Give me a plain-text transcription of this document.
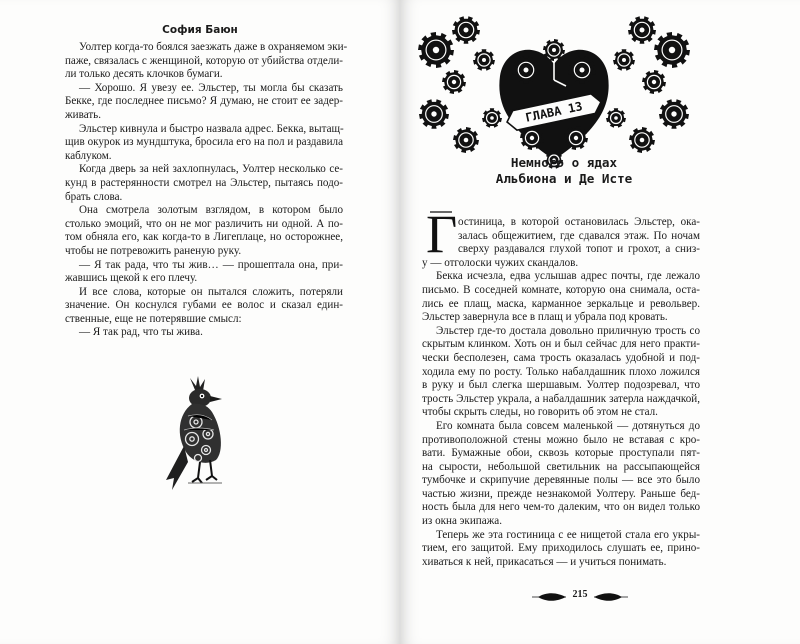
София Баюн
Уолтер когда-то боялся заезжать даже в охраняемом эки-
паже, связалась с женщиной, которую от убийства отдели-
ли только десять клочков бумаги.
— Хорошо. Я увезу ее. Эльстер, ты могла бы сказать
Бекке, где последнее письмо? Я думаю, не стоит ее задер-
живать.
Эльстер кивнула и быстро назвала адрес. Бекка, вытащ-
щив окурок из мундштука, бросила его на пол и раздавила
каблуком.
Когда дверь за ней захлопнулась, Уолтер несколько се-
кунд в растерянности смотрел на Эльстер, пытаясь подо-
брать слова.
Она смотрела золотым взглядом, в котором было
столько эмоций, что он не мог различить ни одной. А по-
том обняла его, как когда-то в Лигеплаце, но осторожнее,
чтобы не потревожить раненую руку.
— Я так рада, что ты жив… — прошептала она, при-
жавшись щекой к его плечу.
И все слова, которые он пытался сложить, потеряли
значение. Он коснулся губами ее волос и сказал един-
ственные, еще не потерявшие смысл:
— Я так рад, что ты жива.
ГЛАВА 13
Немного о ядах
Альбиона и Де Исте
Г остиница, в которой остановилась Эльстер, ока-
залась общежитием, где сдавался этаж. По ночам
сверху раздавался глухой топот и грохот, а сниз-
у — отголоски чужих скандалов.
Бекка исчезла, едва услышав адрес почты, где лежало
письмо. В соседней комнате, которую она снимала, оста-
лись ее плащ, маска, карманное зеркальце и револьвер.
Эльстер завернула все в плащ и убрала под кровать.
Эльстер где-то достала довольно приличную трость со
скрытым клинком. Хоть он и был сейчас для него практи-
чески бесполезен, сама трость оказалась удобной и под-
ходила ему по росту. Только набалдашник плохо ложился
в руку и был слегка шершавым. Уолтер подозревал, что
трость Эльстер украла, а набалдашник затерла наждачкой,
чтобы скрыть следы, но говорить об этом не стал.
Его комната была совсем маленькой — дотянуться до
противоположной стены можно было не вставая с кро-
вати. Бумажные обои, сквозь которые проступали пят-
на сырости, небольшой светильник на рассыпающейся
тумбочке и скрипучие деревянные полы — все это было
частью жизни, прежде незнакомой Уолтеру. Раньше бед-
ность была для него чем-то далеким, что он видел только
из окна экипажа.
Теперь же эта гостиница с ее нищетой стала его укры-
тием, его защитой. Ему приходилось слушать ее, прино-
хиваться к ней, прикасаться — и учиться понимать.
215
